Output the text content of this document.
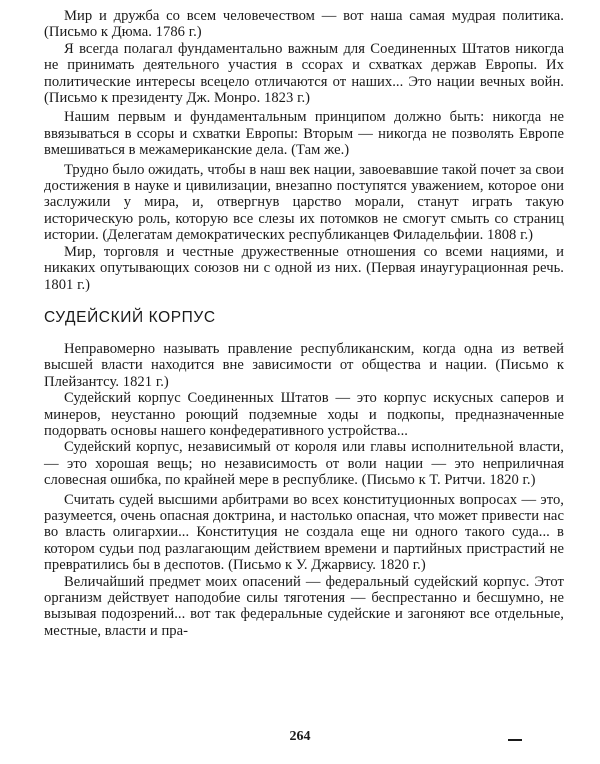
Мир и дружба со всем человечеством — вот наша самая мудрая политика. (Письмо к Дюма. 1786 г.)

Я всегда полагал фундаментально важным для Соединенных Штатов никогда не принимать деятельного участия в ссорах и схватках держав Европы. Их политические интересы всецело отличаются от наших... Это нации вечных войн. (Письмо к президенту Дж. Монро. 1823 г.)

Нашим первым и фундаментальным принципом должно быть: никогда не ввязываться в ссоры и схватки Европы: Вторым — никогда не позволять Европе вмешиваться в межамериканские дела. (Там же.)

Трудно было ожидать, чтобы в наш век нации, завоевавшие такой почет за свои достижения в науке и цивилизации, внезапно поступятся уважением, которое они заслужили у мира, и, отвергнув царство морали, станут играть такую историческую роль, которую все слезы их потомков не смогут смыть со страниц истории. (Делегатам демократических республиканцев Филадельфии. 1808 г.)

Мир, торговля и честные дружественные отношения со всеми нациями, и никаких опутывающих союзов ни с одной из них. (Первая инаугурационная речь. 1801 г.)

СУДЕЙСКИЙ КОРПУС

Неправомерно называть правление республиканским, когда одна из ветвей высшей власти находится вне зависимости от общества и нации. (Письмо к Плейзантсу. 1821 г.)

Судейский корпус Соединенных Штатов — это корпус искусных саперов и минеров, неустанно роющий подземные ходы и подкопы, предназначенные подорвать основы нашего конфедеративного устройства...

Судейский корпус, независимый от короля или главы исполнительной власти, — это хорошая вещь; но независимость от воли нации — это неприличная словесная ошибка, по крайней мере в республике. (Письмо к Т. Ритчи. 1820 г.)

Считать судей высшими арбитрами во всех конституционных вопросах — это, разумеется, очень опасная доктрина, и настолько опасная, что может привести нас во власть олигархии... Конституция не создала еще ни одного такого суда... в котором судьи под разлагающим действием времени и партийных пристрастий не превратились бы в деспотов. (Письмо к У. Джарвису. 1820 г.)

Величайший предмет моих опасений — федеральный судейский корпус. Этот организм действует наподобие силы тяготения — беспрестанно и бесшумно, не вызывая подозрений... вот так федеральные судейские и загоняют все отдельные, местные, власти и пра-

264
